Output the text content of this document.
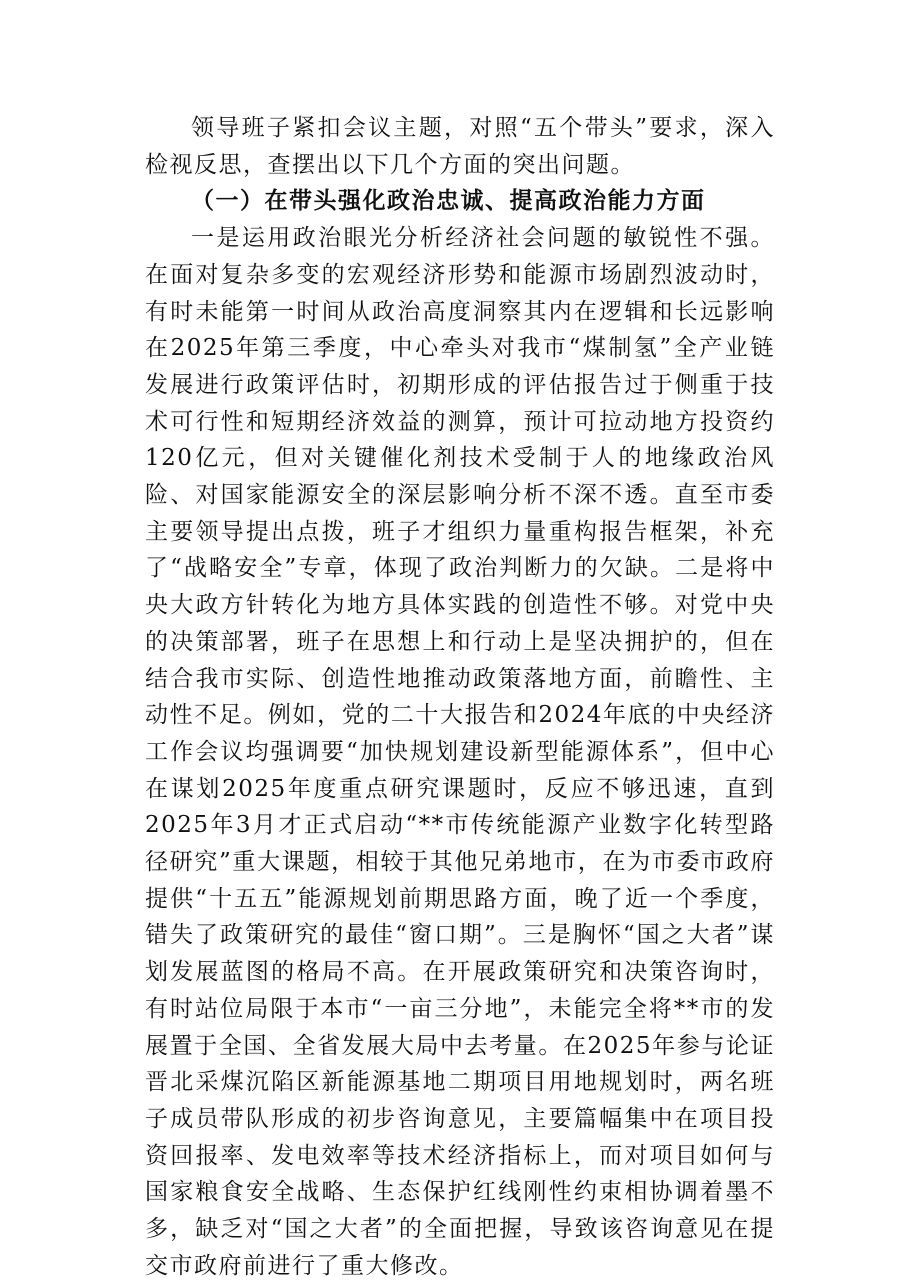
领导班子紧扣会议主题，对照“五个带头”要求，深入检视反思，查摆出以下几个方面的突出问题。

（一）在带头强化政治忠诚、提高政治能力方面

一是运用政治眼光分析经济社会问题的敏锐性不强。在面对复杂多变的宏观经济形势和能源市场剧烈波动时，有时未能第一时间从政治高度洞察其内在逻辑和长远影响在2025年第三季度，中心牵头对我市“煤制氢”全产业链发展进行政策评估时，初期形成的评估报告过于侧重于技术可行性和短期经济效益的测算，预计可拉动地方投资约120亿元，但对关键催化剂技术受制于人的地缘政治风险、对国家能源安全的深层影响分析不深不透。直至市委主要领导提出点拨，班子才组织力量重构报告框架，补充了“战略安全”专章，体现了政治判断力的欠缺。二是将中央大政方针转化为地方具体实践的创造性不够。对党中央的决策部署，班子在思想上和行动上是坚决拥护的，但在结合我市实际、创造性地推动政策落地方面，前瞻性、主动性不足。例如，党的二十大报告和2024年底的中央经济工作会议均强调要“加快规划建设新型能源体系”，但中心在谋划2025年度重点研究课题时，反应不够迅速，直到2025年3月才正式启动“**市传统能源产业数字化转型路径研究”重大课题，相较于其他兄弟地市，在为市委市政府提供“十五五”能源规划前期思路方面，晚了近一个季度，错失了政策研究的最佳“窗口期”。三是胸怀“国之大者”谋划发展蓝图的格局不高。在开展政策研究和决策咨询时，有时站位局限于本市“一亩三分地”，未能完全将**市的发展置于全国、全省发展大局中去考量。在2025年参与论证晋北采煤沉陷区新能源基地二期项目用地规划时，两名班子成员带队形成的初步咨询意见，主要篇幅集中在项目投资回报率、发电效率等技术经济指标上，而对项目如何与国家粮食安全战略、生态保护红线刚性约束相协调着墨不多，缺乏对“国之大者”的全面把握，导致该咨询意见在提交市政府前进行了重大修改。
